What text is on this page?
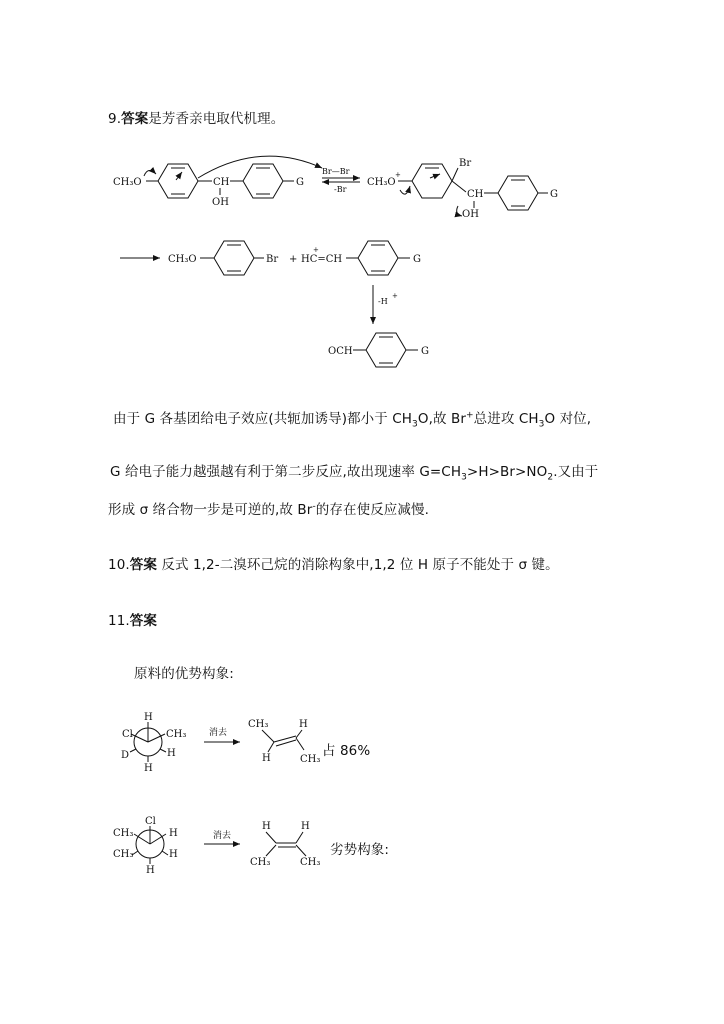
9.答案是芳香亲电取代机理。
CH₃O	CH
OH
G
Br—Br
-Br
CH₃O
+
Br
CH
OH
G
CH₃O	Br + HC=CH
+
G
-H
+
OCH	G
H
CH₃
Cl
D	H
H
消去
CH₃	H
H	CH₃
Cl
CH₃
CH₃
H
H
H
消去
H	H
CH₃	CH₃
由于 G 各基团给电子效应(共轭加诱导)都小于 $CH_3O$,故 Br+总进攻 $CH_3O$ 对位,
G 给电子能力越强越有利于第二步反应,故出现速率 $G=CH_3>H>Br>NO_2$.又由于
形成 σ 络合物一步是可逆的,故 Br-的存在使反应减慢.
10.答案 反式 1,2-二溴环己烷的消除构象中,1,2 位 H 原子不能处于 σ 键。
11.答案
原料的优势构象:
占 86%
劣势构象:
